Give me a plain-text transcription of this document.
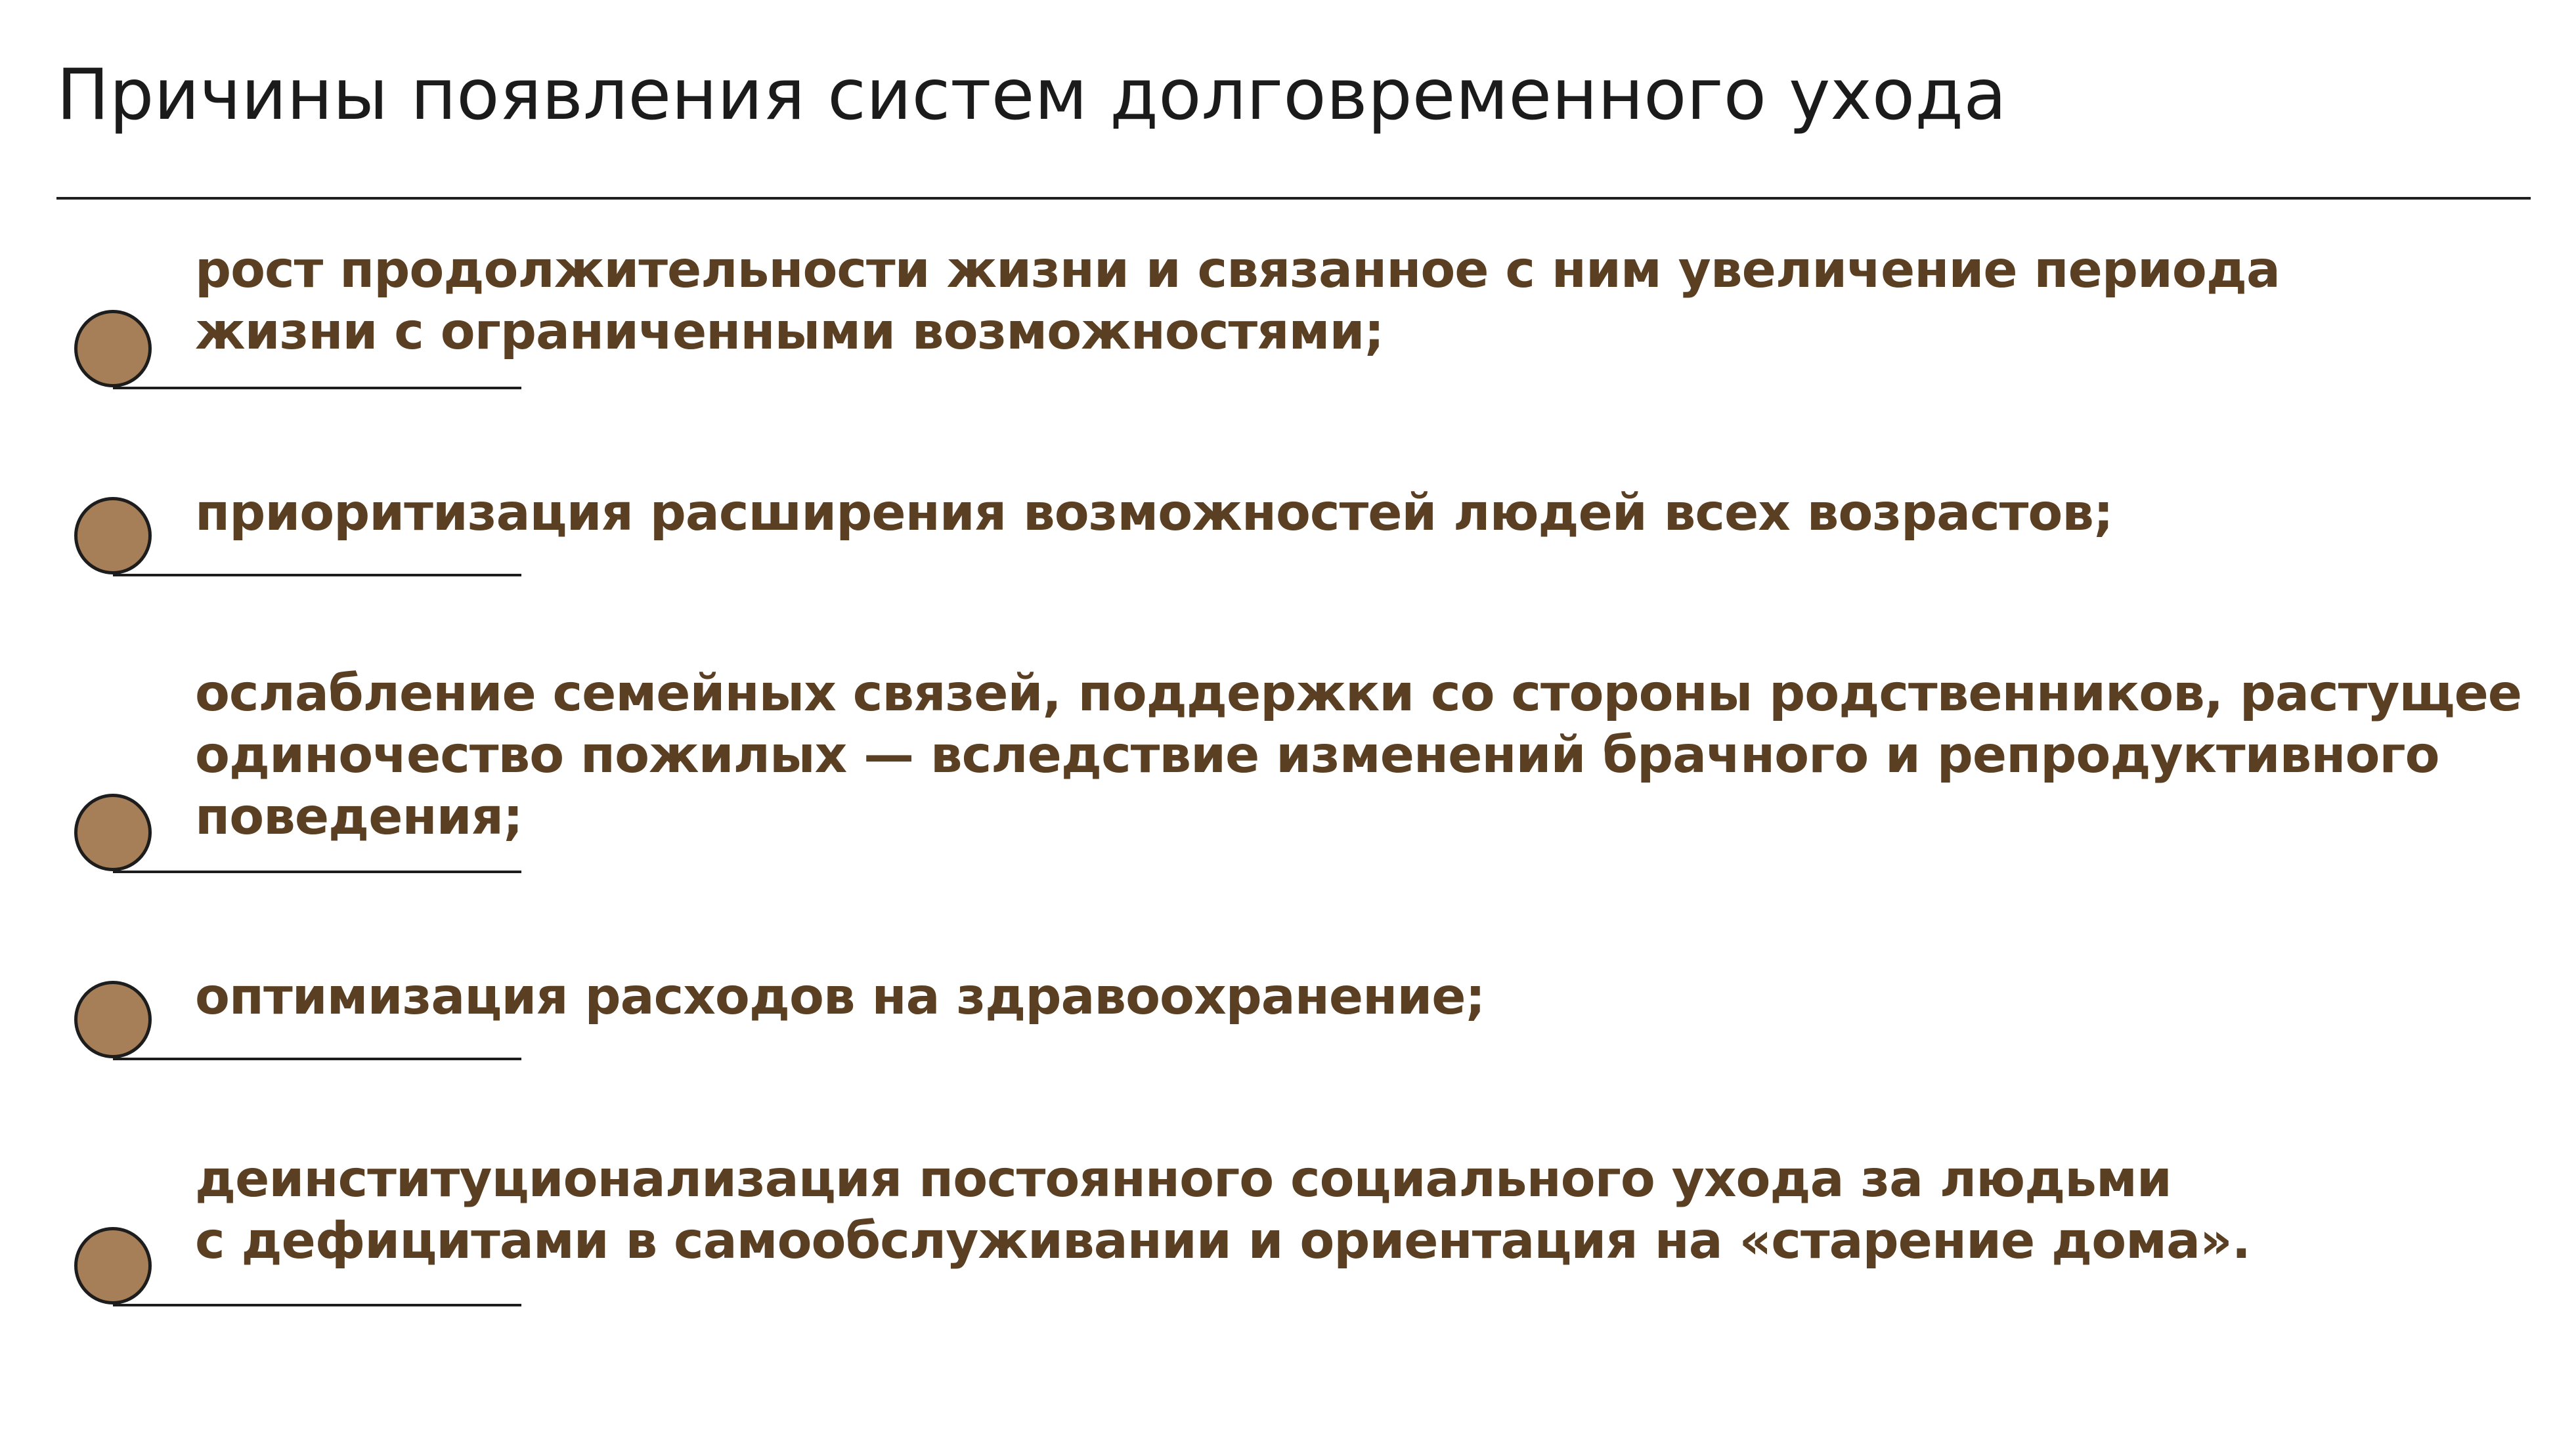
Причины появления систем долговременного ухода

рост продолжительности жизни и связанное с ним увеличение периода
жизни с ограниченными возможностями;

приоритизация расширения возможностей людей всех возрастов;

ослабление семейных связей, поддержки со стороны родственников, растущее
одиночество пожилых — вследствие изменений брачного и репродуктивного
поведения;

оптимизация расходов на здравоохранение;

деинституционализация постоянного социального ухода за людьми
с дефицитами в самообслуживании и ориентация на «старение дома».
